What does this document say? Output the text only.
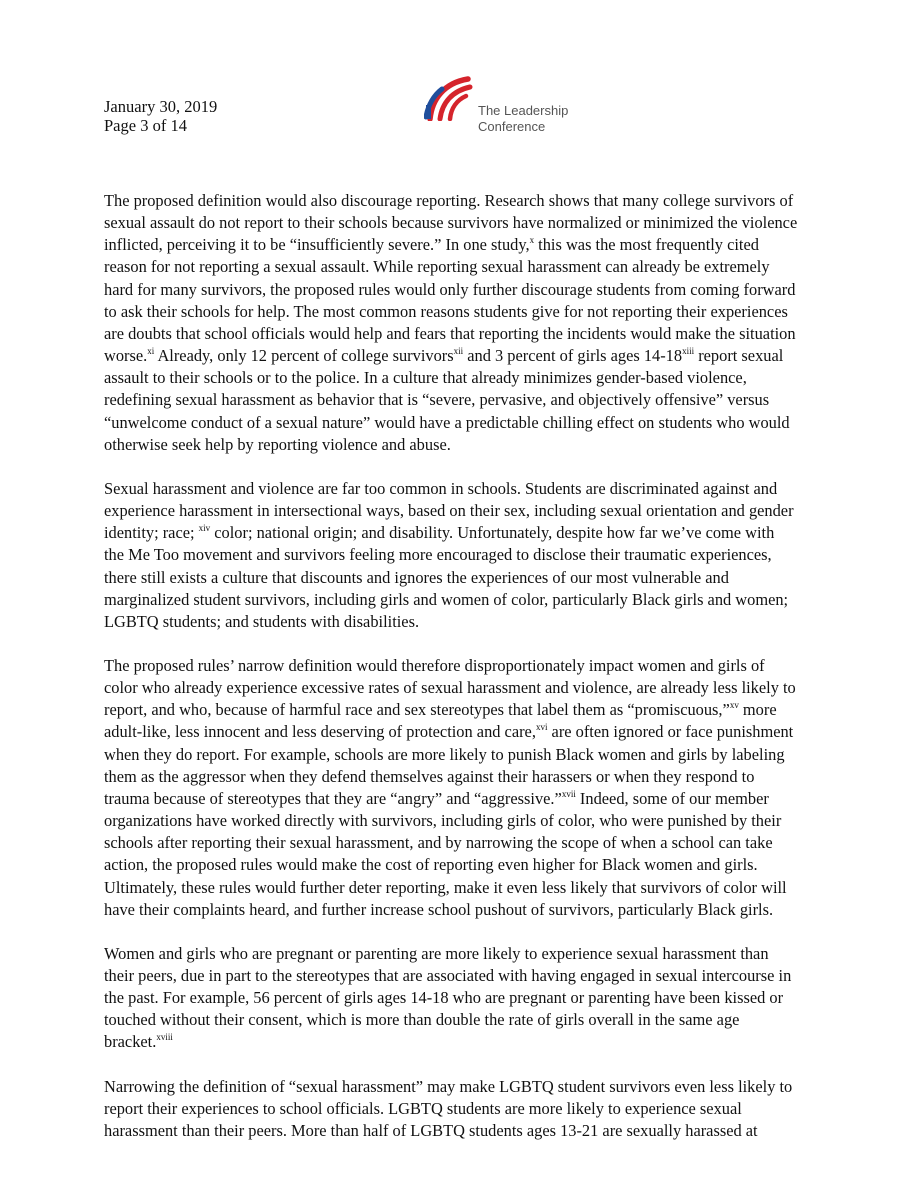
January 30, 2019
Page 3 of 14
The Leadership
Conference

The proposed definition would also discourage reporting. Research shows that many college survivors of
sexual assault do not report to their schools because survivors have normalized or minimized the violence
inflicted, perceiving it to be “insufficiently severe.” In one study,$^x$ this was the most frequently cited
reason for not reporting a sexual assault. While reporting sexual harassment can already be extremely
hard for many survivors, the proposed rules would only further discourage students from coming forward
to ask their schools for help. The most common reasons students give for not reporting their experiences
are doubts that school officials would help and fears that reporting the incidents would make the situation
worse.$^{xi}$ Already, only 12 percent of college survivors$^{xii}$ and 3 percent of girls ages 14-18$^{xiii}$ report sexual
assault to their schools or to the police. In a culture that already minimizes gender-based violence,
redefining sexual harassment as behavior that is “severe, pervasive, and objectively offensive” versus
“unwelcome conduct of a sexual nature” would have a predictable chilling effect on students who would
otherwise seek help by reporting violence and abuse.

Sexual harassment and violence are far too common in schools. Students are discriminated against and
experience harassment in intersectional ways, based on their sex, including sexual orientation and gender
identity; race; $^{xiv}$ color; national origin; and disability. Unfortunately, despite how far we’ve come with
the Me Too movement and survivors feeling more encouraged to disclose their traumatic experiences,
there still exists a culture that discounts and ignores the experiences of our most vulnerable and
marginalized student survivors, including girls and women of color, particularly Black girls and women;
LGBTQ students; and students with disabilities.

The proposed rules’ narrow definition would therefore disproportionately impact women and girls of
color who already experience excessive rates of sexual harassment and violence, are already less likely to
report, and who, because of harmful race and sex stereotypes that label them as “promiscuous,”$^{xv}$ more
adult-like, less innocent and less deserving of protection and care,$^{xvi}$ are often ignored or face punishment
when they do report. For example, schools are more likely to punish Black women and girls by labeling
them as the aggressor when they defend themselves against their harassers or when they respond to
trauma because of stereotypes that they are “angry” and “aggressive.”$^{xvii}$ Indeed, some of our member
organizations have worked directly with survivors, including girls of color, who were punished by their
schools after reporting their sexual harassment, and by narrowing the scope of when a school can take
action, the proposed rules would make the cost of reporting even higher for Black women and girls.
Ultimately, these rules would further deter reporting, make it even less likely that survivors of color will
have their complaints heard, and further increase school pushout of survivors, particularly Black girls.

Women and girls who are pregnant or parenting are more likely to experience sexual harassment than
their peers, due in part to the stereotypes that are associated with having engaged in sexual intercourse in
the past. For example, 56 percent of girls ages 14-18 who are pregnant or parenting have been kissed or
touched without their consent, which is more than double the rate of girls overall in the same age
bracket.$^{xviii}$

Narrowing the definition of “sexual harassment” may make LGBTQ student survivors even less likely to
report their experiences to school officials. LGBTQ students are more likely to experience sexual
harassment than their peers. More than half of LGBTQ students ages 13-21 are sexually harassed at
